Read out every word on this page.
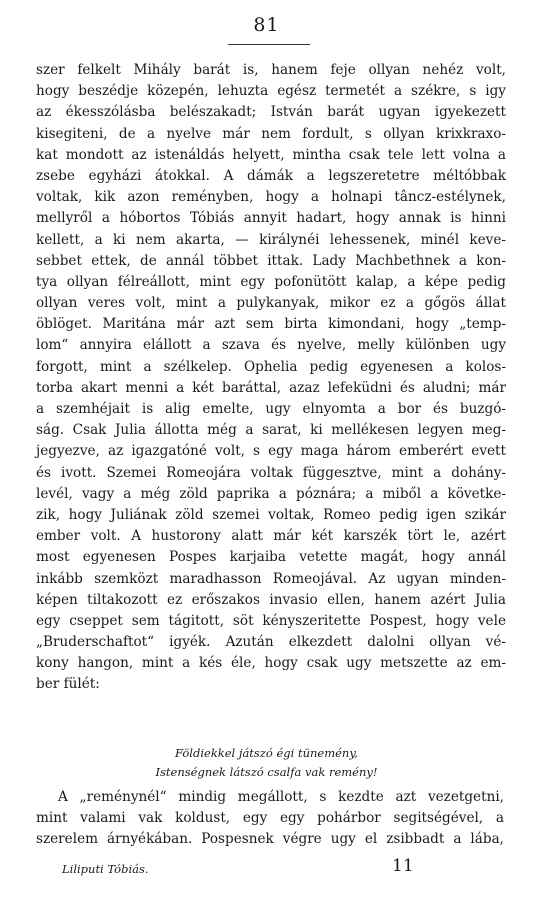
81
szer felkelt Mihály barát is, hanem feje ollyan nehéz volt,
hogy beszédje közepén, lehuzta egész termetét a székre, s igy
az ékesszólásba belészakadt; István barát ugyan igyekezett
kisegiteni, de a nyelve már nem fordult, s ollyan krixkraxo-
kat mondott az istenáldás helyett, mintha csak tele lett volna a
zsebe egyházi átokkal. A dámák a legszeretetre méltóbbak
voltak, kik azon reményben, hogy a holnapi tâncz-estélynek,
mellyről a hóbortos Tóbiás annyit hadart, hogy annak is hinni
kellett, a ki nem akarta, — királynéi lehessenek, minél keve-
sebbet ettek, de annál többet ittak. Lady Machbethnek a kon-
tya ollyan félreállott, mint egy pofonütött kalap, a képe pedig
ollyan veres volt, mint a pulykanyak, mikor ez a gőgös állat
öblöget. Maritána már azt sem birta kimondani, hogy „temp-
lom“ annyira elállott a szava és nyelve, melly különben ugy
forgott, mint a szélkelep. Ophelia pedig egyenesen a kolos-
torba akart menni a két baráttal, azaz lefeküdni és aludni; már
a szemhéjait is alig emelte, ugy elnyomta a bor és buzgó-
ság. Csak Julia állotta még a sarat, ki mellékesen legyen meg-
jegyezve, az igazgatóné volt, s egy maga három emberért evett
és ivott. Szemei Romeojára voltak függesztve, mint a dohány-
levél, vagy a még zöld paprika a póznára; a miből a követke-
zik, hogy Juliának zöld szemei voltak, Romeo pedig igen szikár
ember volt. A hustorony alatt már két karszék tört le, azért
most egyenesen Pospes karjaiba vetette magát, hogy annál
inkább szemközt maradhasson Romeojával. Az ugyan minden-
képen tiltakozott ez erőszakos invasio ellen, hanem azért Julia
egy cseppet sem tágitott, söt kényszeritette Pospest, hogy vele
„Bruderschaftot“ igyék. Azután elkezdett dalolni ollyan vé-
kony hangon, mint a kés éle, hogy csak ugy metszette az em-
ber fülét:
Földiekkel játszó égi tünemény,
Istenségnek látszó csalfa vak remény!
A „reménynél“ mindig megállott, s kezdte azt vezetgetni,
mint valami vak koldust, egy egy pohárbor segitségével, a
szerelem árnyékában. Pospesnek végre ugy el zsibbadt a lába,
Liliputi Tóbiás.	11
